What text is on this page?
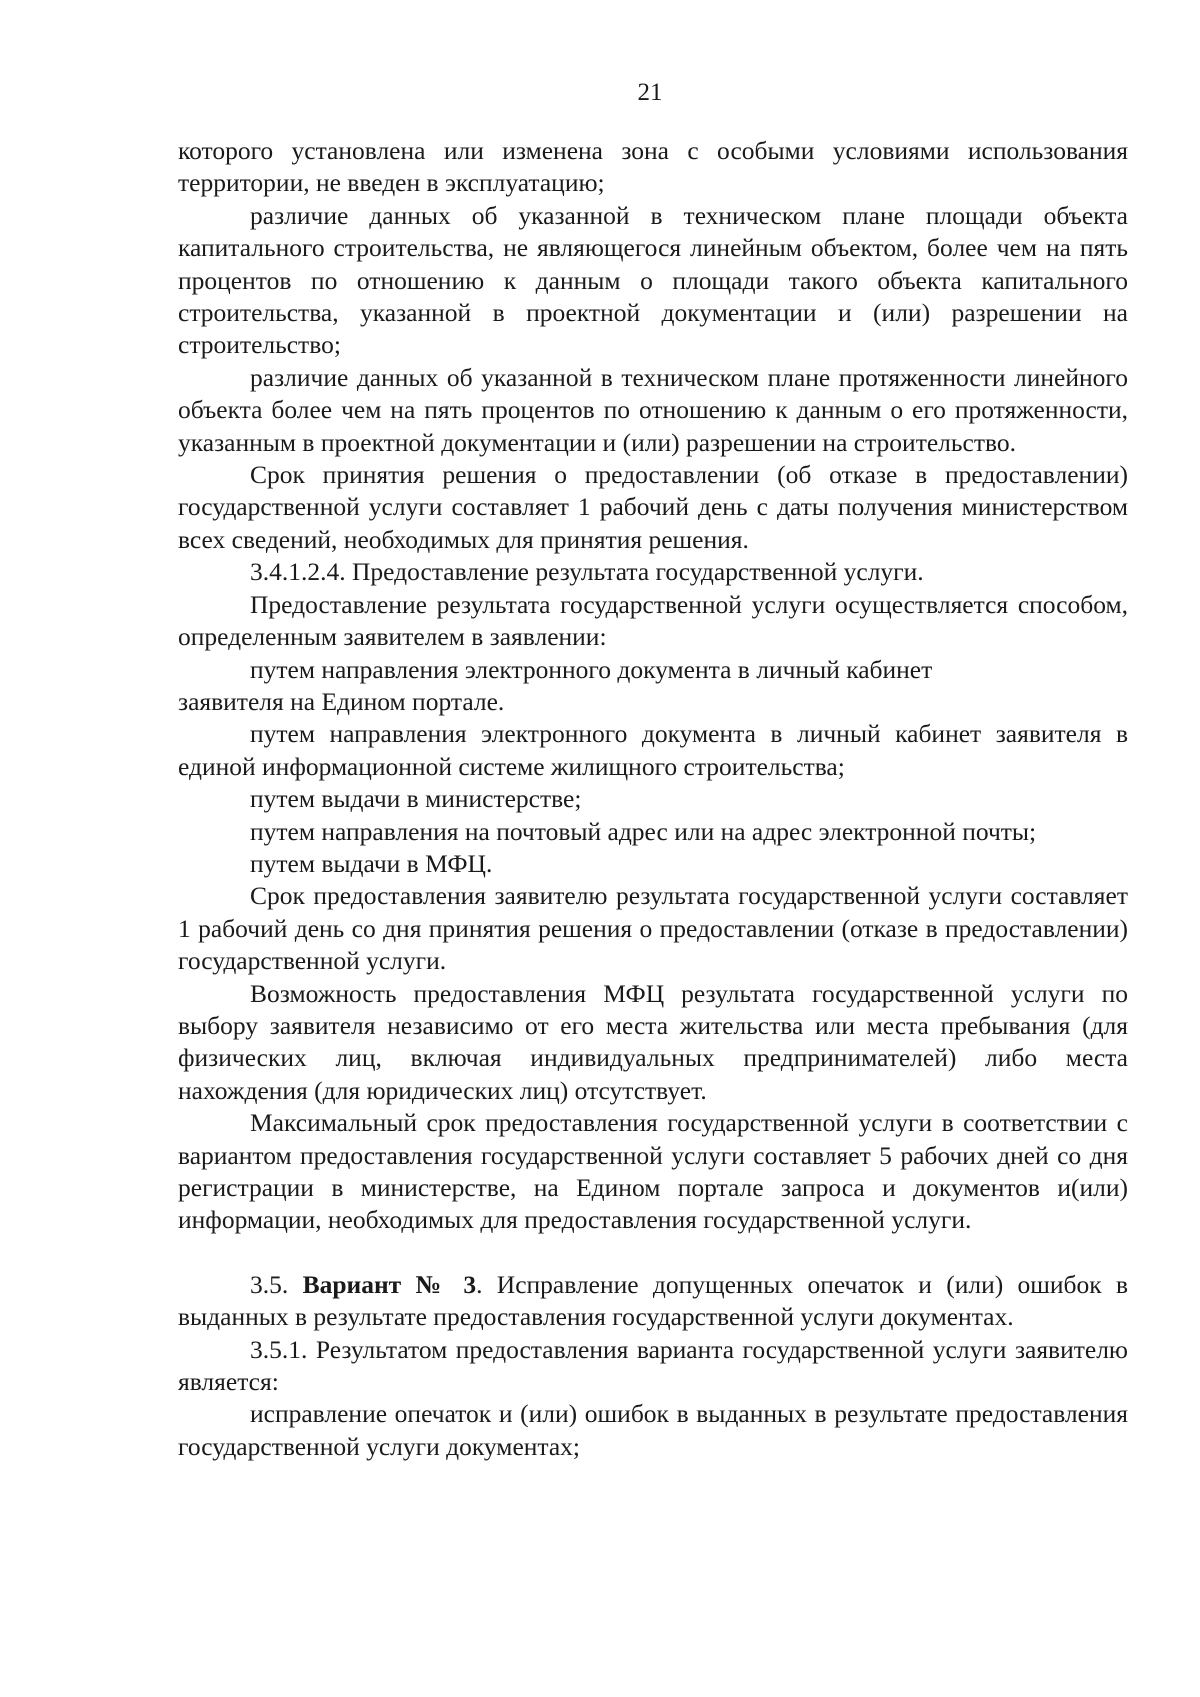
21

которого установлена или изменена зона с особыми условиями использования территории, не введен в эксплуатацию;

различие данных об указанной в техническом плане площади объекта капитального строительства, не являющегося линейным объектом, более чем на пять процентов по отношению к данным о площади такого объекта капитального строительства, указанной в проектной документации и (или) разрешении на строительство;

различие данных об указанной в техническом плане протяженности линейного объекта более чем на пять процентов по отношению к данным о его протяженности, указанным в проектной документации и (или) разрешении на строительство.

Срок принятия решения о предоставлении (об отказе в предоставлении) государственной услуги составляет 1 рабочий день с даты получения министерством всех сведений, необходимых для принятия решения.

3.4.1.2.4. Предоставление результата государственной услуги.

Предоставление результата государственной услуги осуществляется способом, определенным заявителем в заявлении:

путем направления электронного документа в личный кабинет

заявителя на Едином портале.

путем направления электронного документа в личный кабинет заявителя в единой информационной системе жилищного строительства;

путем выдачи в министерстве;

путем направления на почтовый адрес или на адрес электронной почты;

путем выдачи в МФЦ.

Срок предоставления заявителю результата государственной услуги составляет 1 рабочий день со дня принятия решения о предоставлении (отказе в предоставлении) государственной услуги.

Возможность предоставления МФЦ результата государственной услуги по выбору заявителя независимо от его места жительства или места пребывания (для физических лиц, включая индивидуальных предпринимателей) либо места нахождения (для юридических лиц) отсутствует.

Максимальный срок предоставления государственной услуги в соответствии с вариантом предоставления государственной услуги составляет 5 рабочих дней со дня регистрации в министерстве, на Едином портале запроса и документов и(или) информации, необходимых для предоставления государственной услуги.

3.5. Вариант № 3. Исправление допущенных опечаток и (или) ошибок в выданных в результате предоставления государственной услуги документах.

3.5.1. Результатом предоставления варианта государственной услуги заявителю является:

исправление опечаток и (или) ошибок в выданных в результате предоставления государственной услуги документах;
